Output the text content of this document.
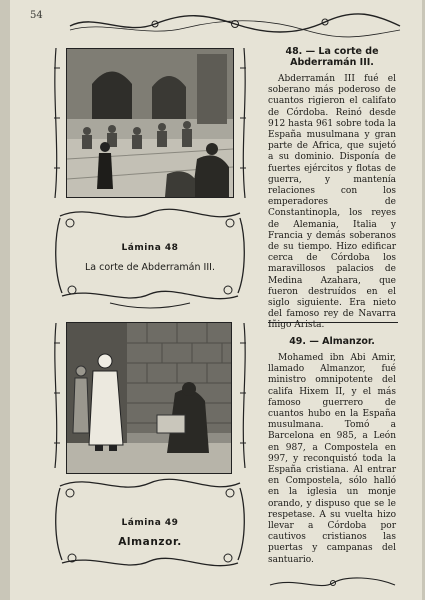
54
Lámina 48
La corte de Abderramán III.
Lámina 49
Almanzor.
48. — La corte de Abderramán III.

Abderramán III fué el soberano más poderoso de cuantos rigieron el califato de Córdoba. Reinó desde 912 hasta 961 sobre toda la España musulmana y gran parte de Africa, que sujetó a su dominio. Disponía de fuertes ejércitos y flotas de guerra, y mantenía relaciones con los emperadores de Constantinopla, los reyes de Alemania, Italia y Francia y demás soberanos de su tiempo. Hizo edificar cerca de Córdoba los maravillosos palacios de Medina Azahara, que fueron destruídos en el siglo siguiente. Era nieto del famoso rey de Navarra Iñigo Arista.

49. — Almanzor.

Mohamed ibn Abi Amir, llamado Almanzor, fué ministro omnipotente del califa Hixem II, y el más famoso guerrero de cuantos hubo en la España musulmana. Tomó a Barcelona en 985, a León en 987, a Compostela en 997, y reconquistó toda la España cristiana. Al entrar en Compostela, sólo halló en la iglesia un monje orando, y dispuso que se le respetase. A su vuelta hizo llevar a Córdoba por cautivos cristianos las puertas y campanas del santuario.
